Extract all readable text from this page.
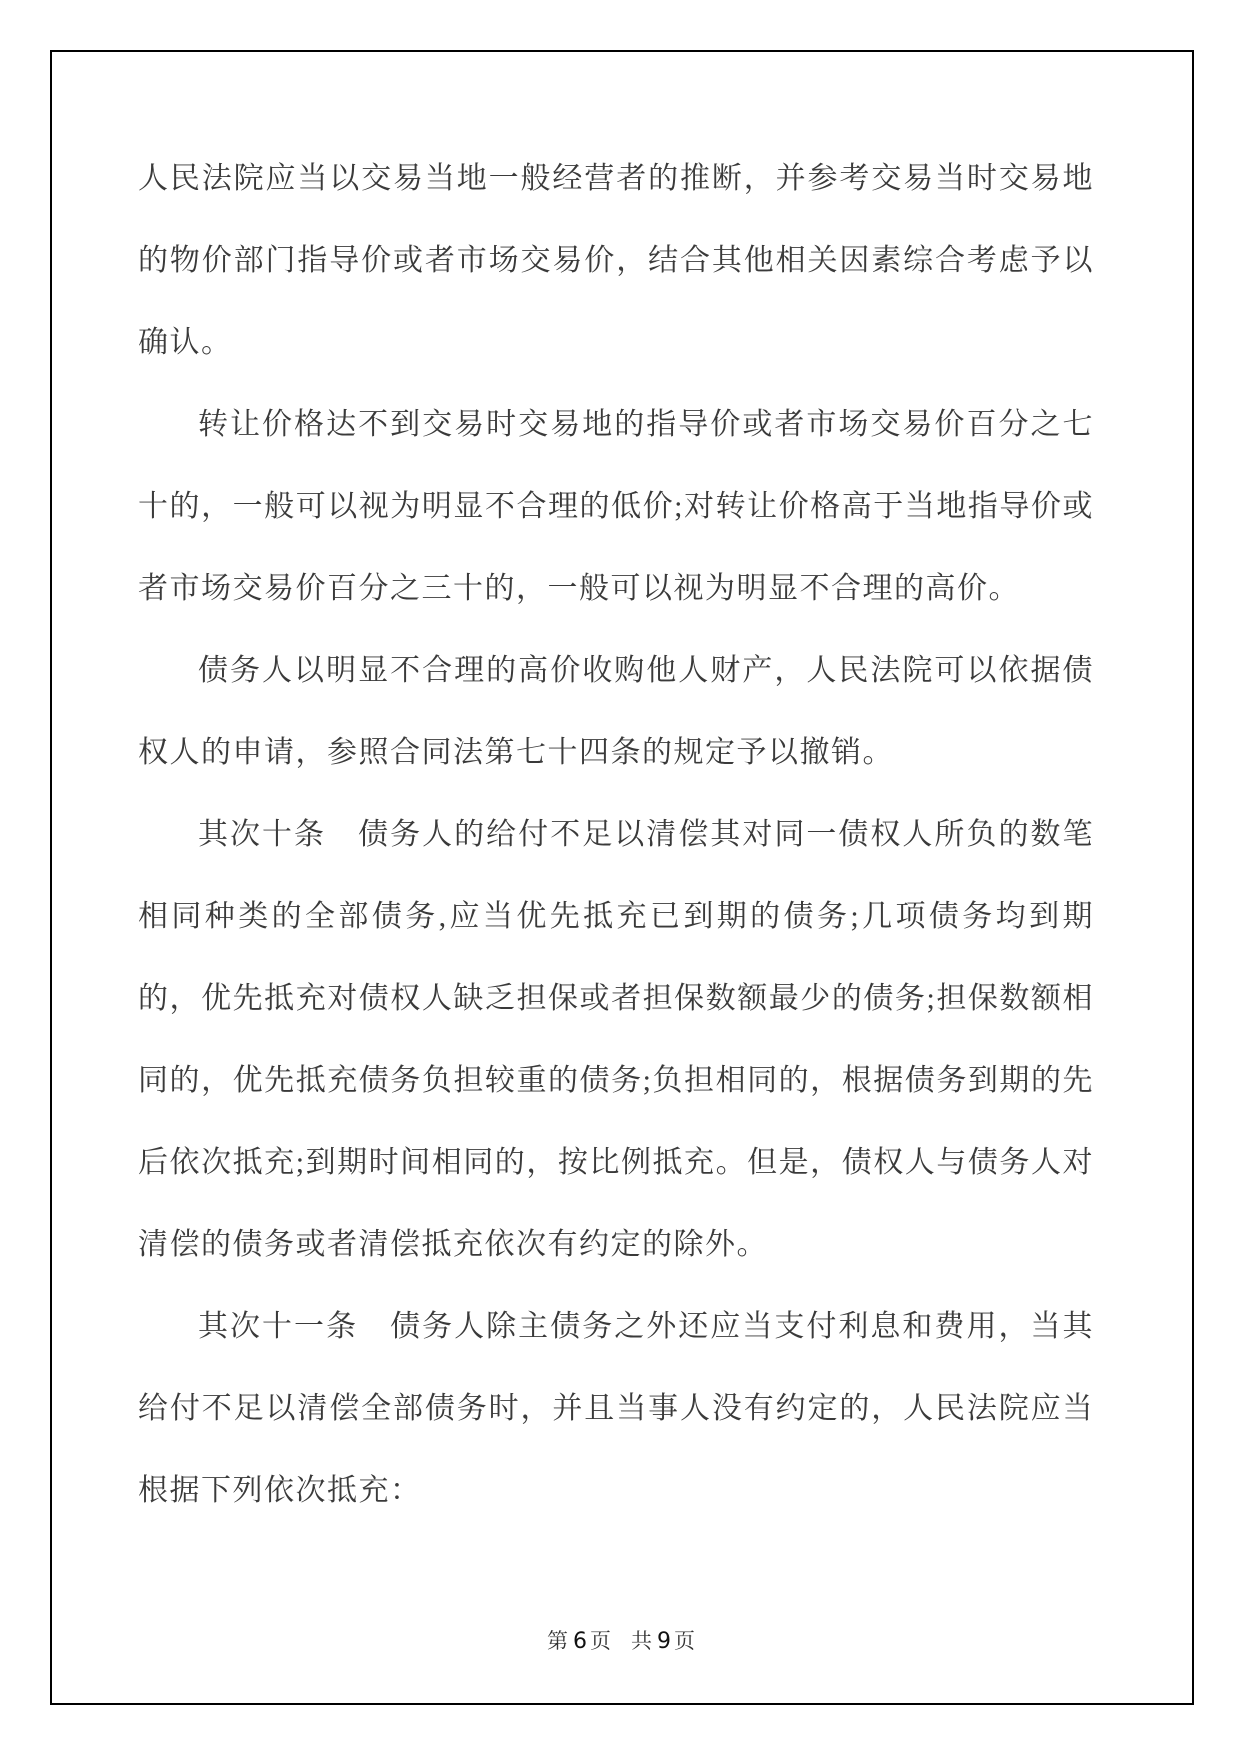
人民法院应当以交易当地一般经营者的推断，并参考交易当时交易地的物价部门指导价或者市场交易价，结合其他相关因素综合考虑予以确认。

转让价格达不到交易时交易地的指导价或者市场交易价百分之七十的，一般可以视为明显不合理的低价;对转让价格高于当地指导价或者市场交易价百分之三十的，一般可以视为明显不合理的高价。

债务人以明显不合理的高价收购他人财产，人民法院可以依据债权人的申请，参照合同法第七十四条的规定予以撤销。

其次十条　债务人的给付不足以清偿其对同一债权人所负的数笔相同种类的全部债务,应当优先抵充已到期的债务;几项债务均到期的，优先抵充对债权人缺乏担保或者担保数额最少的债务;担保数额相同的，优先抵充债务负担较重的债务;负担相同的，根据债务到期的先后依次抵充;到期时间相同的，按比例抵充。但是，债权人与债务人对清偿的债务或者清偿抵充依次有约定的除外。

其次十一条　债务人除主债务之外还应当支付利息和费用，当其给付不足以清偿全部债务时，并且当事人没有约定的，人民法院应当根据下列依次抵充：

第 6 页 共 9 页
